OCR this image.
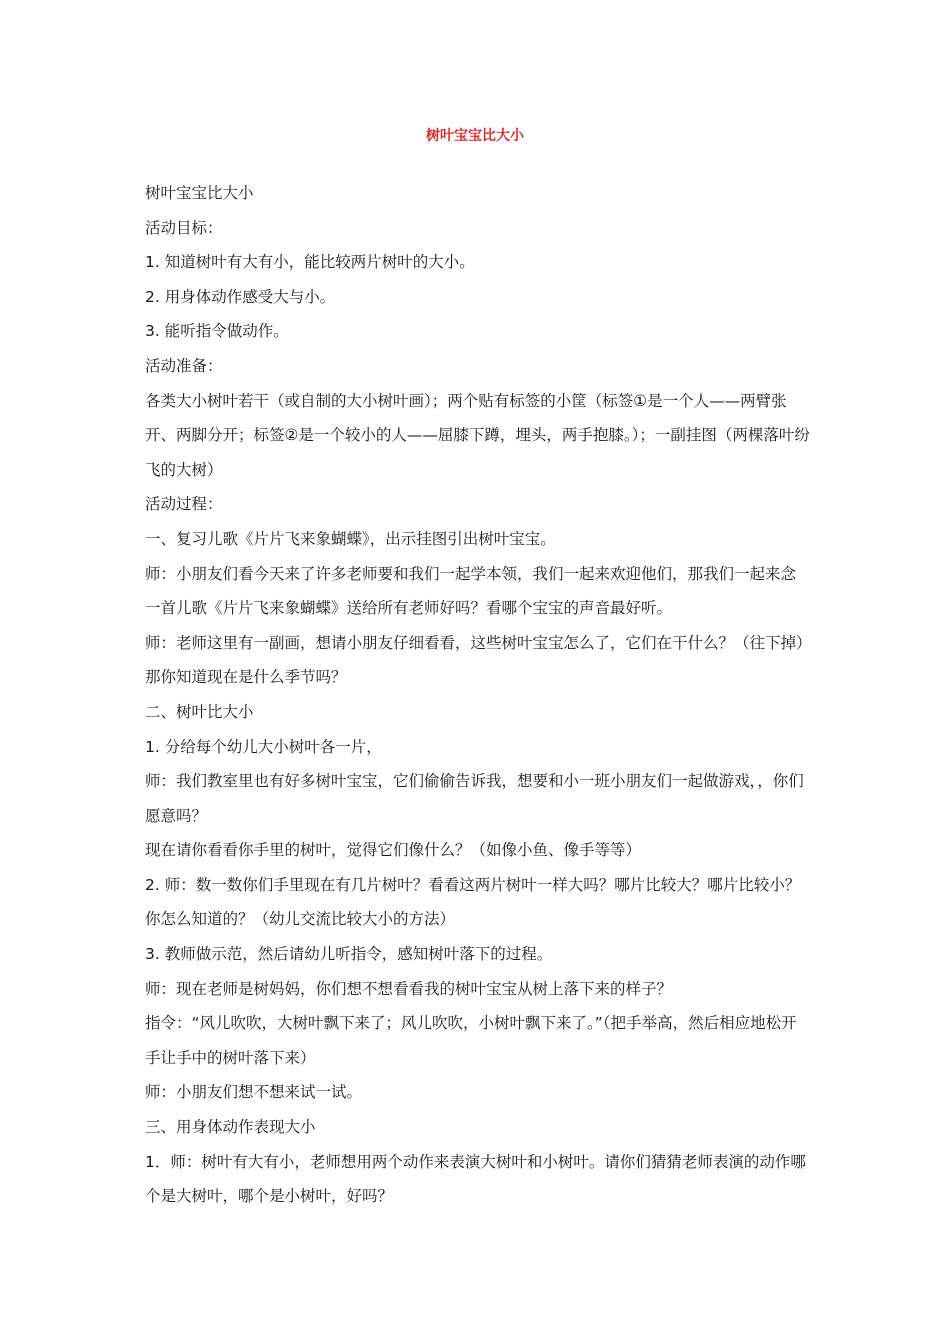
树叶宝宝比大小

树叶宝宝比大小

活动目标：

1. 知道树叶有大有小，能比较两片树叶的大小。

2. 用身体动作感受大与小。

3. 能听指令做动作。

活动准备：

各类大小树叶若干（或自制的大小树叶画）；两个贴有标签的小筐（标签①是一个人——两臂张开、两脚分开；标签②是一个较小的人——屈膝下蹲，埋头，两手抱膝。）；一副挂图（两棵落叶纷飞的大树）

活动过程：

一、复习儿歌《片片飞来象蝴蝶》，出示挂图引出树叶宝宝。

师：小朋友们看今天来了许多老师要和我们一起学本领，我们一起来欢迎他们，那我们一起来念一首儿歌《片片飞来象蝴蝶》送给所有老师好吗？看哪个宝宝的声音最好听。

师：老师这里有一副画，想请小朋友仔细看看，这些树叶宝宝怎么了，它们在干什么？（往下掉）那你知道现在是什么季节吗？

二、树叶比大小

1. 分给每个幼儿大小树叶各一片，

师：我们教室里也有好多树叶宝宝，它们偷偷告诉我，想要和小一班小朋友们一起做游戏，，你们愿意吗？

现在请你看看你手里的树叶，觉得它们像什么？（如像小鱼、像手等等）

2. 师：数一数你们手里现在有几片树叶？看看这两片树叶一样大吗？哪片比较大？哪片比较小？你怎么知道的？（幼儿交流比较大小的方法）

3. 教师做示范，然后请幼儿听指令，感知树叶落下的过程。

师：现在老师是树妈妈，你们想不想看看我的树叶宝宝从树上落下来的样子？

指令：“风儿吹吹，大树叶飘下来了；风儿吹吹，小树叶飘下来了。”（把手举高，然后相应地松开手让手中的树叶落下来）

师：小朋友们想不想来试一试。

三、用身体动作表现大小

1．师：树叶有大有小，老师想用两个动作来表演大树叶和小树叶。请你们猜猜老师表演的动作哪个是大树叶，哪个是小树叶，好吗？
